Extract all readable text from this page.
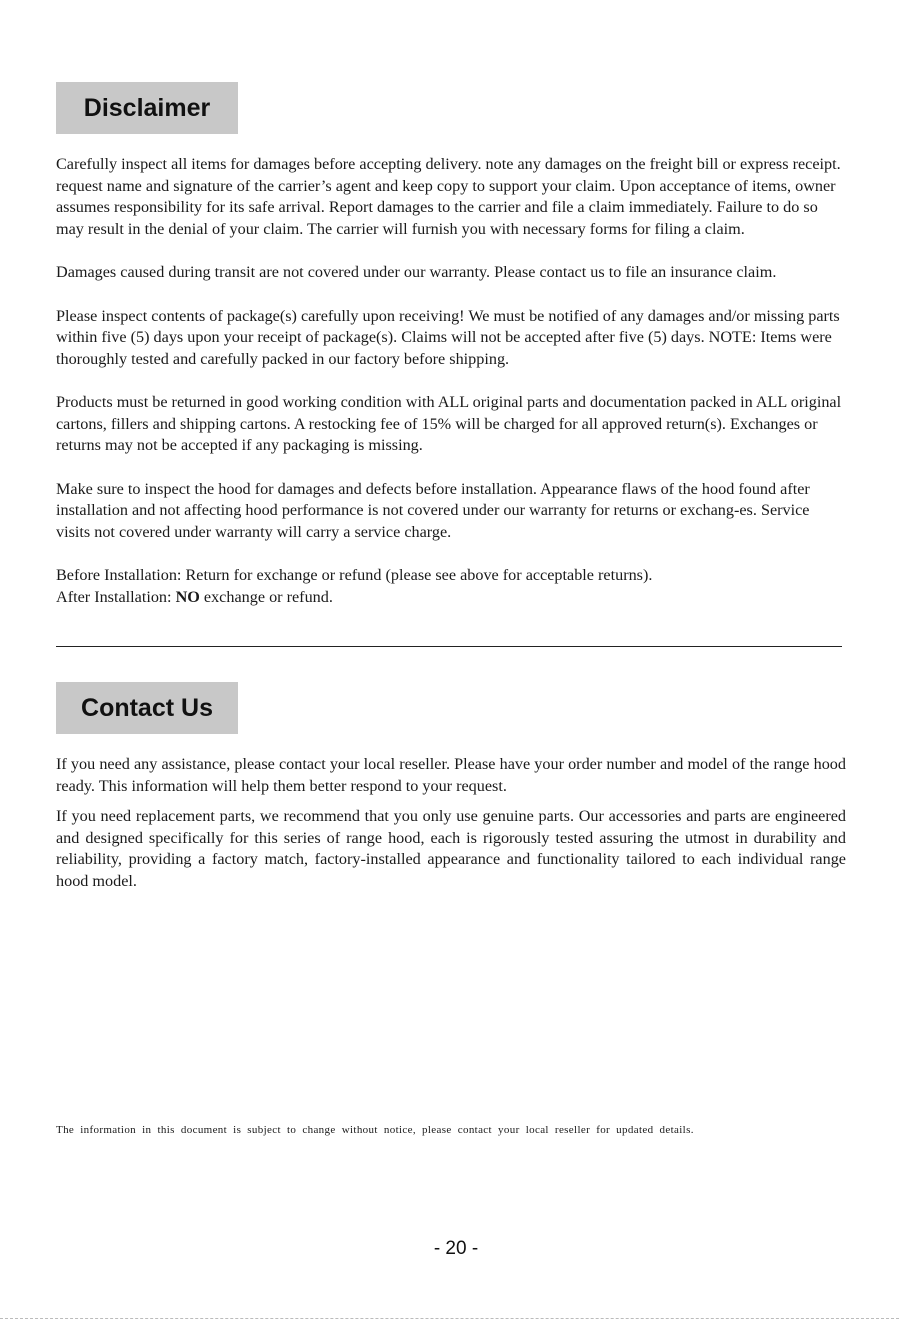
Disclaimer

Carefully inspect all items for damages before accepting delivery. note any damages on the freight bill or express receipt. request name and signature of the carrier’s agent and keep copy to support your claim. Upon acceptance of items, owner assumes responsibility for its safe arrival. Report damages to the carrier and file a claim immediately. Failure to do so may result in the denial of your claim. The carrier will furnish you with necessary forms for filing a claim.

Damages caused during transit are not covered under our warranty. Please contact us to file an insurance claim.

Please inspect contents of package(s) carefully upon receiving! We must be notified of any damages and/or missing parts within five (5) days upon your receipt of package(s). Claims will not be accepted after five (5) days. NOTE: Items were thoroughly tested and carefully packed in our factory before shipping.

Products must be returned in good working condition with ALL original parts and documentation packed in ALL original cartons, fillers and shipping cartons. A restocking fee of 15% will be charged for all approved return(s). Exchanges or returns may not be accepted if any packaging is missing.

Make sure to inspect the hood for damages and defects before installation. Appearance flaws of the hood found after installation and not affecting hood performance is not covered under our warranty for returns or exchang-es. Service visits not covered under warranty will carry a service charge.

Before Installation: Return for exchange or refund (please see above for acceptable returns).
After Installation: NO exchange or refund.

Contact Us

If you need any assistance, please contact your local reseller. Please have your order number and model of the range hood ready. This information will help them better respond to your request.

If you need replacement parts, we recommend that you only use genuine parts. Our accessories and parts are engineered and designed specifically for this series of range hood, each is rigorously tested assuring the utmost in durability and reliability, providing a factory match, factory-installed appearance and functionality tailored to each individual range hood model.

The information in this document is subject to change without notice, please contact your local reseller for updated details.
- 20 -
